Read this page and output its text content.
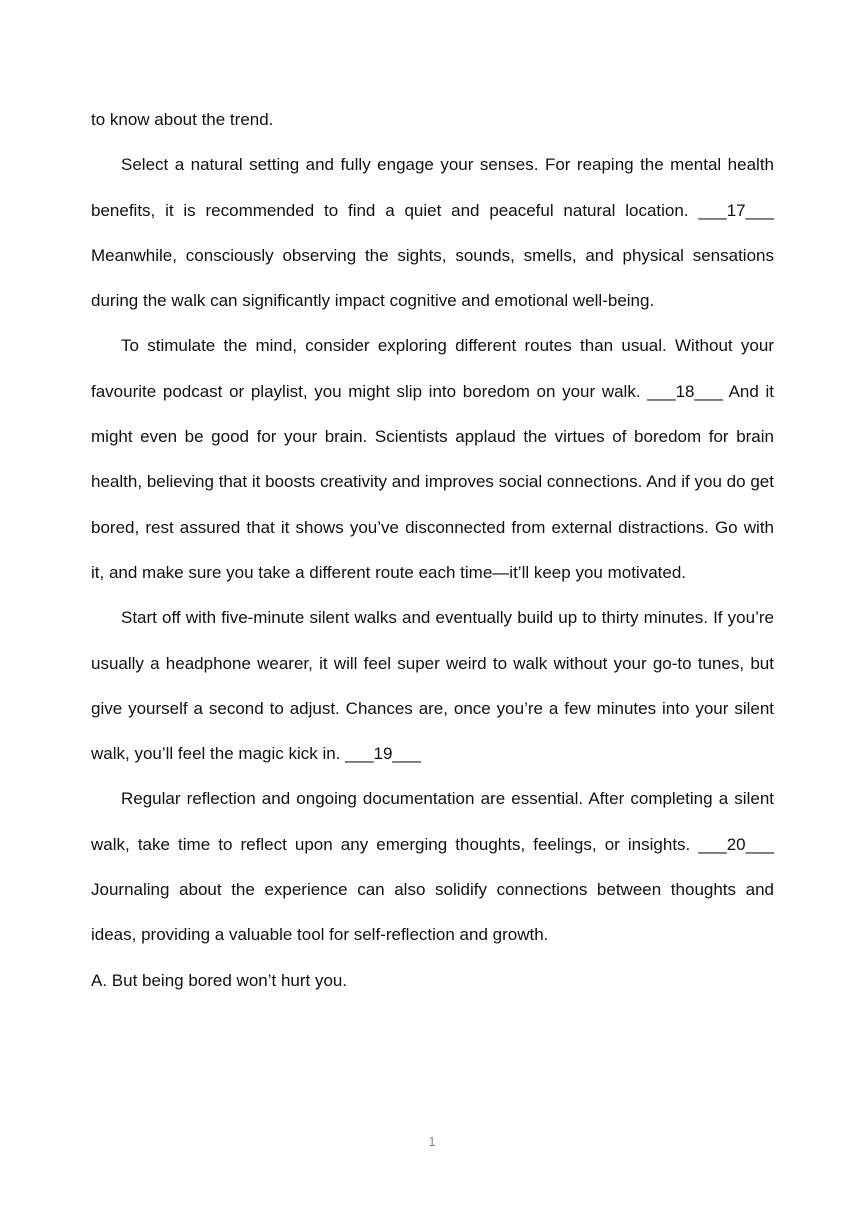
to know about the trend.

Select a natural setting and fully engage your senses. For reaping the mental health benefits, it is recommended to find a quiet and peaceful natural location. ___17___ Meanwhile, consciously observing the sights, sounds, smells, and physical sensations during the walk can significantly impact cognitive and emotional well-being.

To stimulate the mind, consider exploring different routes than usual. Without your favourite podcast or playlist, you might slip into boredom on your walk. ___18___ And it might even be good for your brain. Scientists applaud the virtues of boredom for brain health, believing that it boosts creativity and improves social connections. And if you do get bored, rest assured that it shows you’ve disconnected from external distractions. Go with it, and make sure you take a different route each time—it’ll keep you motivated.

Start off with five-minute silent walks and eventually build up to thirty minutes. If you’re usually a headphone wearer, it will feel super weird to walk without your go-to tunes, but give yourself a second to adjust. Chances are, once you’re a few minutes into your silent walk, you’ll feel the magic kick in. ___19___

Regular reflection and ongoing documentation are essential. After completing a silent walk, take time to reflect upon any emerging thoughts, feelings, or insights. ___20___ Journaling about the experience can also solidify connections between thoughts and ideas, providing a valuable tool for self-reflection and growth.

A. But being bored won’t hurt you.

1
